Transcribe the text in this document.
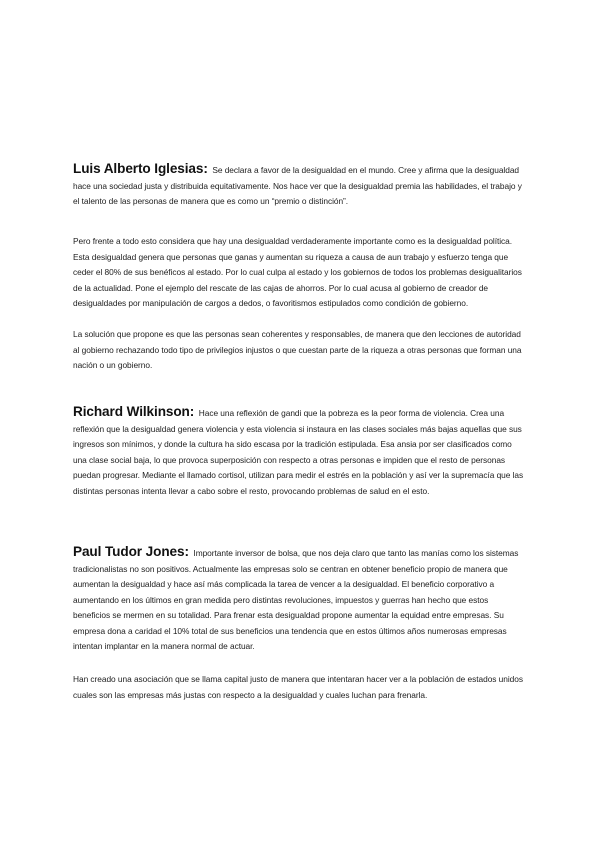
Luis Alberto Iglesias: Se declara a favor de la desigualdad en el mundo. Cree y afirma que la desigualdad hace una sociedad justa y distribuida equitativamente. Nos hace ver que la desigualdad premia las habilidades, el trabajo y el talento de las personas de manera que es como un “premio o distinción”.

Pero frente a todo esto considera que hay una desigualdad verdaderamente importante como es la desigualdad política. Esta desigualdad genera que personas que ganas y aumentan su riqueza a causa de aun trabajo y esfuerzo tenga que ceder el 80% de sus benéficos al estado. Por lo cual culpa al estado y los gobiernos de todos los problemas desigualitarios de la actualidad. Pone el ejemplo del rescate de las cajas de ahorros. Por lo cual acusa al gobierno de creador de desigualdades por manipulación de cargos a dedos, o favoritismos estipulados como condición de gobierno.

La solución que propone es que las personas sean coherentes y responsables, de manera que den lecciones de autoridad al gobierno rechazando todo tipo de privilegios injustos o que cuestan parte de la riqueza a otras personas que forman una nación o un gobierno.

Richard Wilkinson: Hace una reflexión de gandi que la pobreza es la peor forma de violencia. Crea una reflexión que la desigualdad genera violencia y esta violencia si instaura en las clases sociales más bajas aquellas que sus ingresos son mínimos, y donde la cultura ha sido escasa por la tradición estipulada. Esa ansia por ser clasificados como una clase social baja, lo que provoca superposición con respecto a otras personas e impiden que el resto de personas puedan progresar. Mediante el llamado cortisol, utilizan para medir el estrés en la población y así ver la supremacía que las distintas personas intenta llevar a cabo sobre el resto, provocando problemas de salud en el esto.

Paul Tudor Jones: Importante inversor de bolsa, que nos deja claro que tanto las manías como los sistemas tradicionalistas no son positivos. Actualmente las empresas solo se centran en obtener beneficio propio de manera que aumentan la desigualdad y hace así más complicada la tarea de vencer a la desigualdad. El beneficio corporativo a aumentando en los últimos en gran medida pero distintas revoluciones, impuestos y guerras han hecho que estos beneficios se mermen en su totalidad. Para frenar esta desigualdad propone aumentar la equidad entre empresas. Su empresa dona a caridad el 10% total de sus beneficios una tendencia que en estos últimos años numerosas empresas intentan implantar en la manera normal de actuar.

Han creado una asociación que se llama capital justo de manera que intentaran hacer ver a la población de estados unidos cuales son las empresas más justas con respecto a la desigualdad y cuales luchan para frenarla.
